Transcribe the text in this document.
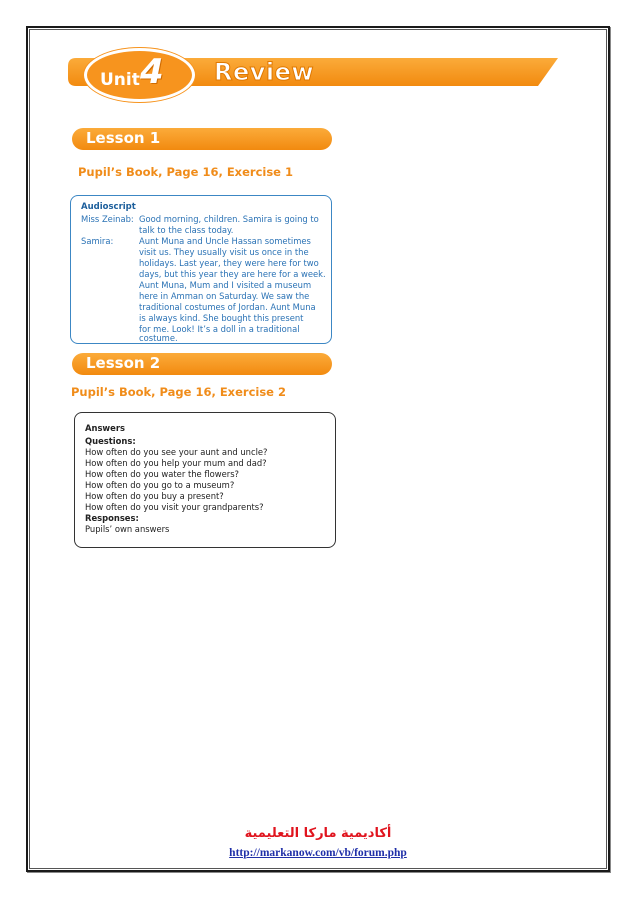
Unit 4 Review
Lesson 1
Pupil’s Book, Page 16, Exercise 1
Audioscript
Miss Zeinab: Good morning, children. Samira is going to
talk to the class today.
Samira:	Aunt Muna and Uncle Hassan sometimes
visit us. They usually visit us once in the
holidays. Last year, they were here for two
days, but this year they are here for a week.
Aunt Muna, Mum and I visited a museum
here in Amman on Saturday. We saw the
traditional costumes of Jordan. Aunt Muna
is always kind. She bought this present
for me. Look! It’s a doll in a traditional
costume.
Lesson 2
Pupil’s Book, Page 16, Exercise 2
Answers
Questions:
How often do you see your aunt and uncle?
How often do you help your mum and dad?
How often do you water the flowers?
How often do you go to a museum?
How often do you buy a present?
How often do you visit your grandparents?
Responses:
Pupils’ own answers
أكاديمية ماركا التعليمية
http://markanow.com/vb/forum.php
